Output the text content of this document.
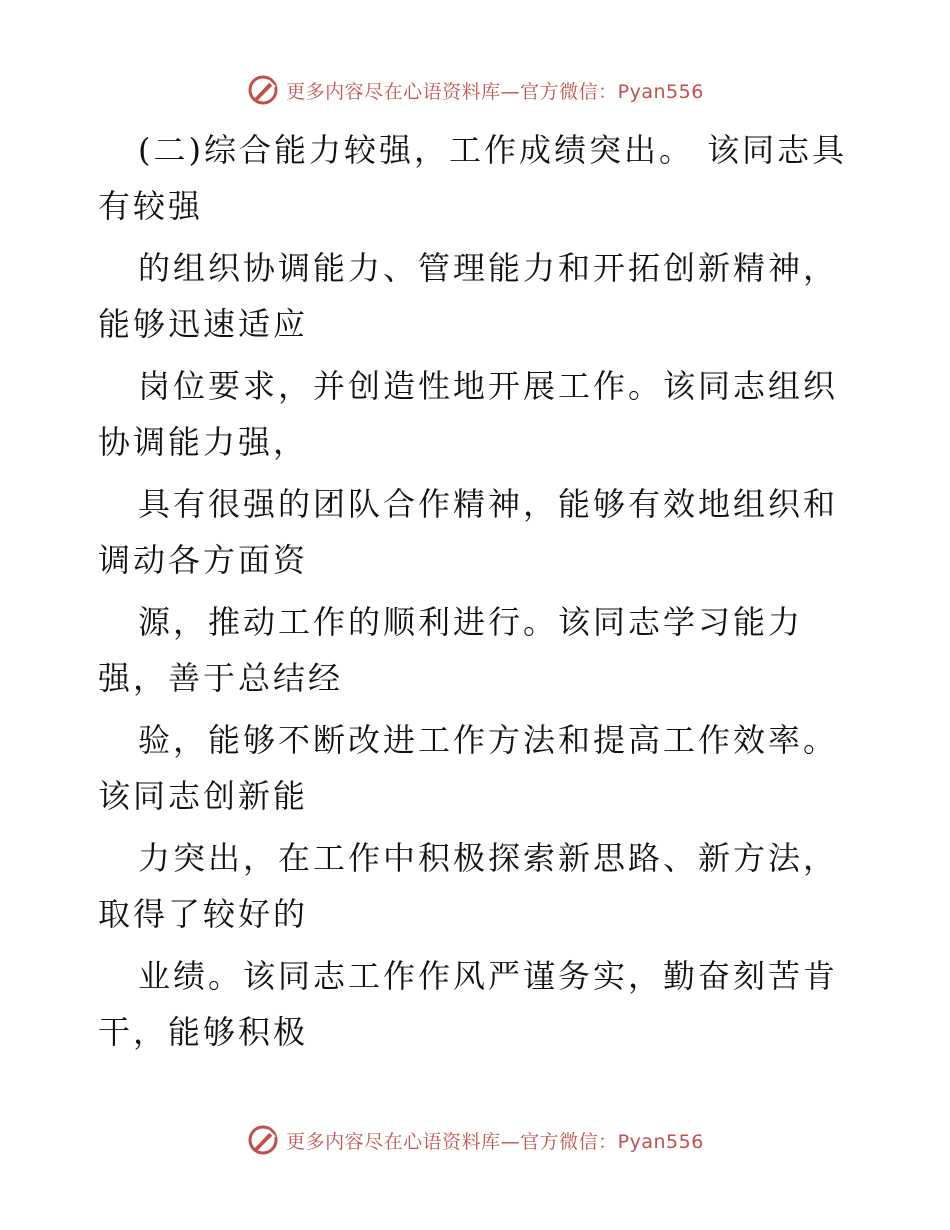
更多内容尽在心语资料库—官方微信：Pyan556

(二)综合能力较强，工作成绩突出。 该同志具有较强

的组织协调能力、管理能力和开拓创新精神，能够迅速适应

岗位要求，并创造性地开展工作。该同志组织协调能力强，

具有很强的团队合作精神，能够有效地组织和调动各方面资

源，推动工作的顺利进行。该同志学习能力强，善于总结经

验，能够不断改进工作方法和提高工作效率。该同志创新能

力突出，在工作中积极探索新思路、新方法，取得了较好的

业绩。该同志工作作风严谨务实，勤奋刻苦肯干，能够积极

更多内容尽在心语资料库—官方微信：Pyan556
